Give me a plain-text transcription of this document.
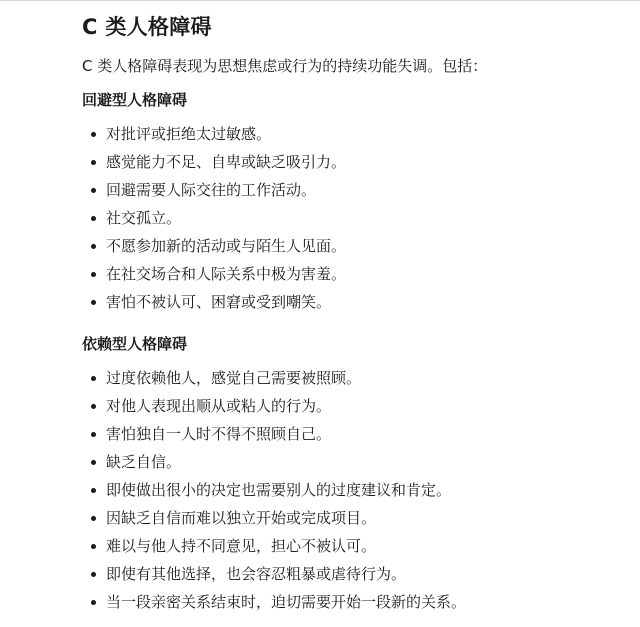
C 类人格障碍

C 类人格障碍表现为思想焦虑或行为的持续功能失调。包括：

回避型人格障碍
对批评或拒绝太过敏感。
感觉能力不足、自卑或缺乏吸引力。
回避需要人际交往的工作活动。
社交孤立。
不愿参加新的活动或与陌生人见面。
在社交场合和人际关系中极为害羞。
害怕不被认可、困窘或受到嘲笑。
依赖型人格障碍
过度依赖他人，感觉自己需要被照顾。
对他人表现出顺从或粘人的行为。
害怕独自一人时不得不照顾自己。
缺乏自信。
即使做出很小的决定也需要别人的过度建议和肯定。
因缺乏自信而难以独立开始或完成项目。
难以与他人持不同意见，担心不被认可。
即使有其他选择，也会容忍粗暴或虐待行为。
当一段亲密关系结束时，迫切需要开始一段新的关系。
